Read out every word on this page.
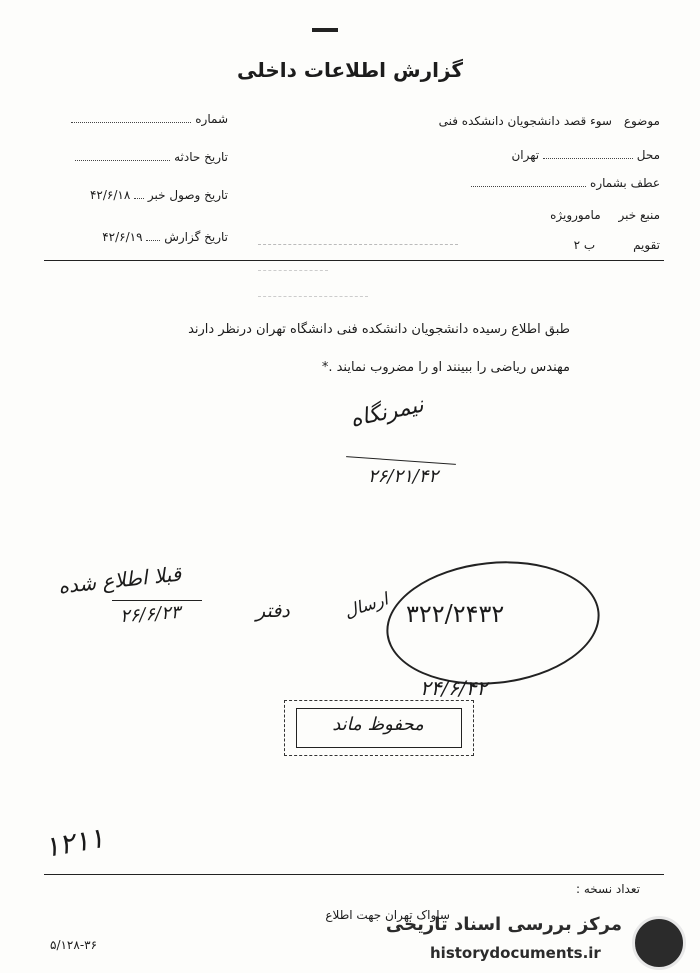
گزارش اطلاعات داخلی
موضوع سوء قصد دانشجویان دانشکده فنی
محل  تهران
عطف بشماره
منبع خبر مامورویژه
تقویم ب ۲
شماره
تاریخ حادثه
تاریخ وصول خبر  ۴۲/۶/۱۸
تاریخ گزارش  ۴۲/۶/۱۹
طبق اطلاع رسیده دانشجویان دانشکده فنی دانشگاه تهران درنظر دارند
مهندس ریاضی را ببینند او را مضروب نمایند .*
نیمرنگاه
۲۶/۲۱/۴۲
قبلا اطلاع شده
۲۶/۶/۲۳	دفتر	ارسال ۳۲۲/۲۴۳۲
۲۴/۶/۴۲
محفوظ ماند
۱۲۱۱
تعداد نسخه :
ساواک تهران جهت اطلاع
۵/۱۲۸-۳۶
مرکز بررسی اسناد تاریخی
historydocuments.ir
